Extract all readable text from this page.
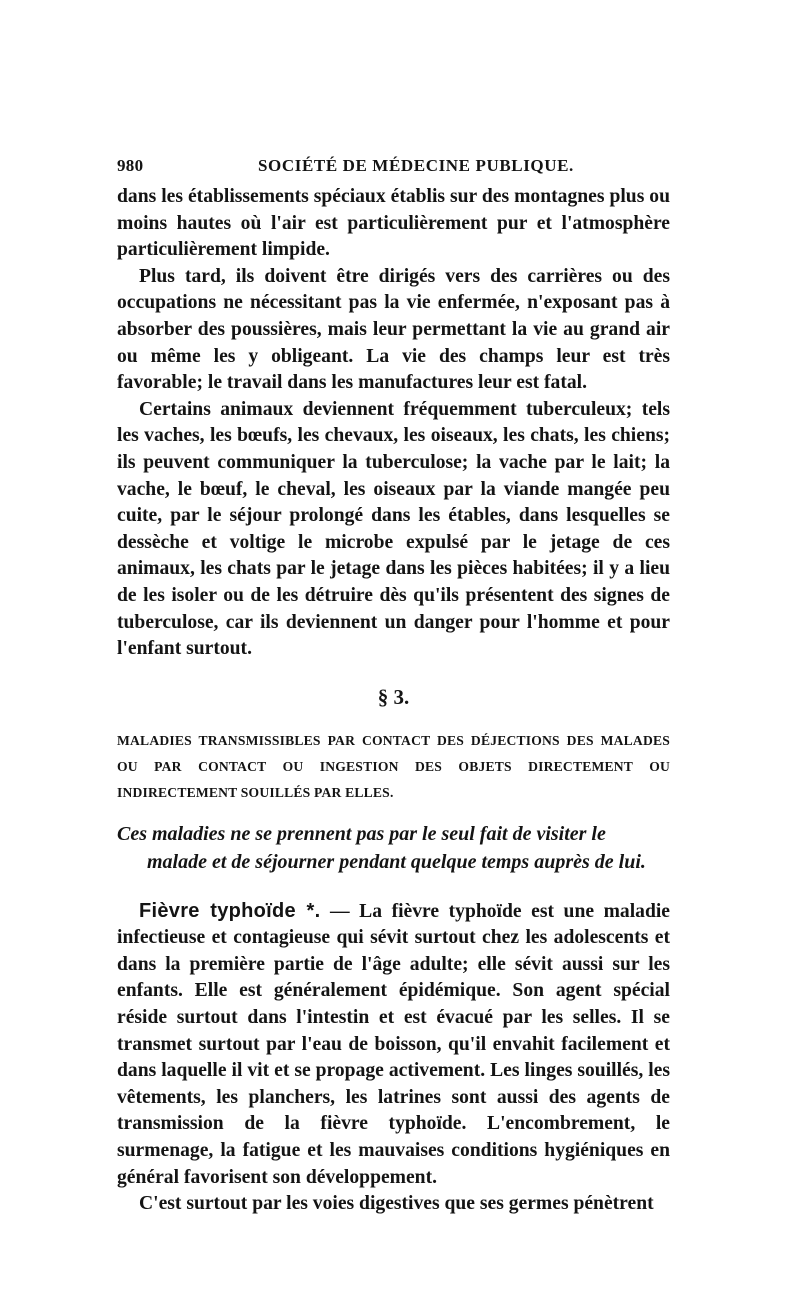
980	SOCIÉTÉ DE MÉDECINE PUBLIQUE.

dans les établissements spéciaux établis sur des montagnes plus ou moins hautes où l'air est particulièrement pur et l'atmosphère particulièrement limpide.

Plus tard, ils doivent être dirigés vers des carrières ou des occupations ne nécessitant pas la vie enfermée, n'exposant pas à absorber des poussières, mais leur permettant la vie au grand air ou même les y obligeant. La vie des champs leur est très favorable; le travail dans les manufactures leur est fatal.

Certains animaux deviennent fréquemment tuberculeux; tels les vaches, les bœufs, les chevaux, les oiseaux, les chats, les chiens; ils peuvent communiquer la tuberculose; la vache par le lait; la vache, le bœuf, le cheval, les oiseaux par la viande mangée peu cuite, par le séjour prolongé dans les étables, dans lesquelles se dessèche et voltige le microbe expulsé par le jetage de ces animaux, les chats par le jetage dans les pièces habitées; il y a lieu de les isoler ou de les détruire dès qu'ils présentent des signes de tuberculose, car ils deviennent un danger pour l'homme et pour l'enfant surtout.

§ 3.

MALADIES TRANSMISSIBLES PAR CONTACT DES DÉJECTIONS DES MALADES OU PAR CONTACT OU INGESTION DES OBJETS DIRECTEMENT OU INDIRECTEMENT SOUILLÉS PAR ELLES.

Ces maladies ne se prennent pas par le seul fait de visiter le
malade et de séjourner pendant quelque temps auprès de lui.

Fièvre typhoïde *. — La fièvre typhoïde est une maladie infectieuse et contagieuse qui sévit surtout chez les adolescents et dans la première partie de l'âge adulte; elle sévit aussi sur les enfants. Elle est généralement épidémique. Son agent spécial réside surtout dans l'intestin et est évacué par les selles. Il se transmet surtout par l'eau de boisson, qu'il envahit facilement et dans laquelle il vit et se propage activement. Les linges souillés, les vêtements, les planchers, les latrines sont aussi des agents de transmission de la fièvre typhoïde. L'encombrement, le surmenage, la fatigue et les mauvaises conditions hygiéniques en général favorisent son développement.

C'est surtout par les voies digestives que ses germes pénètrent
